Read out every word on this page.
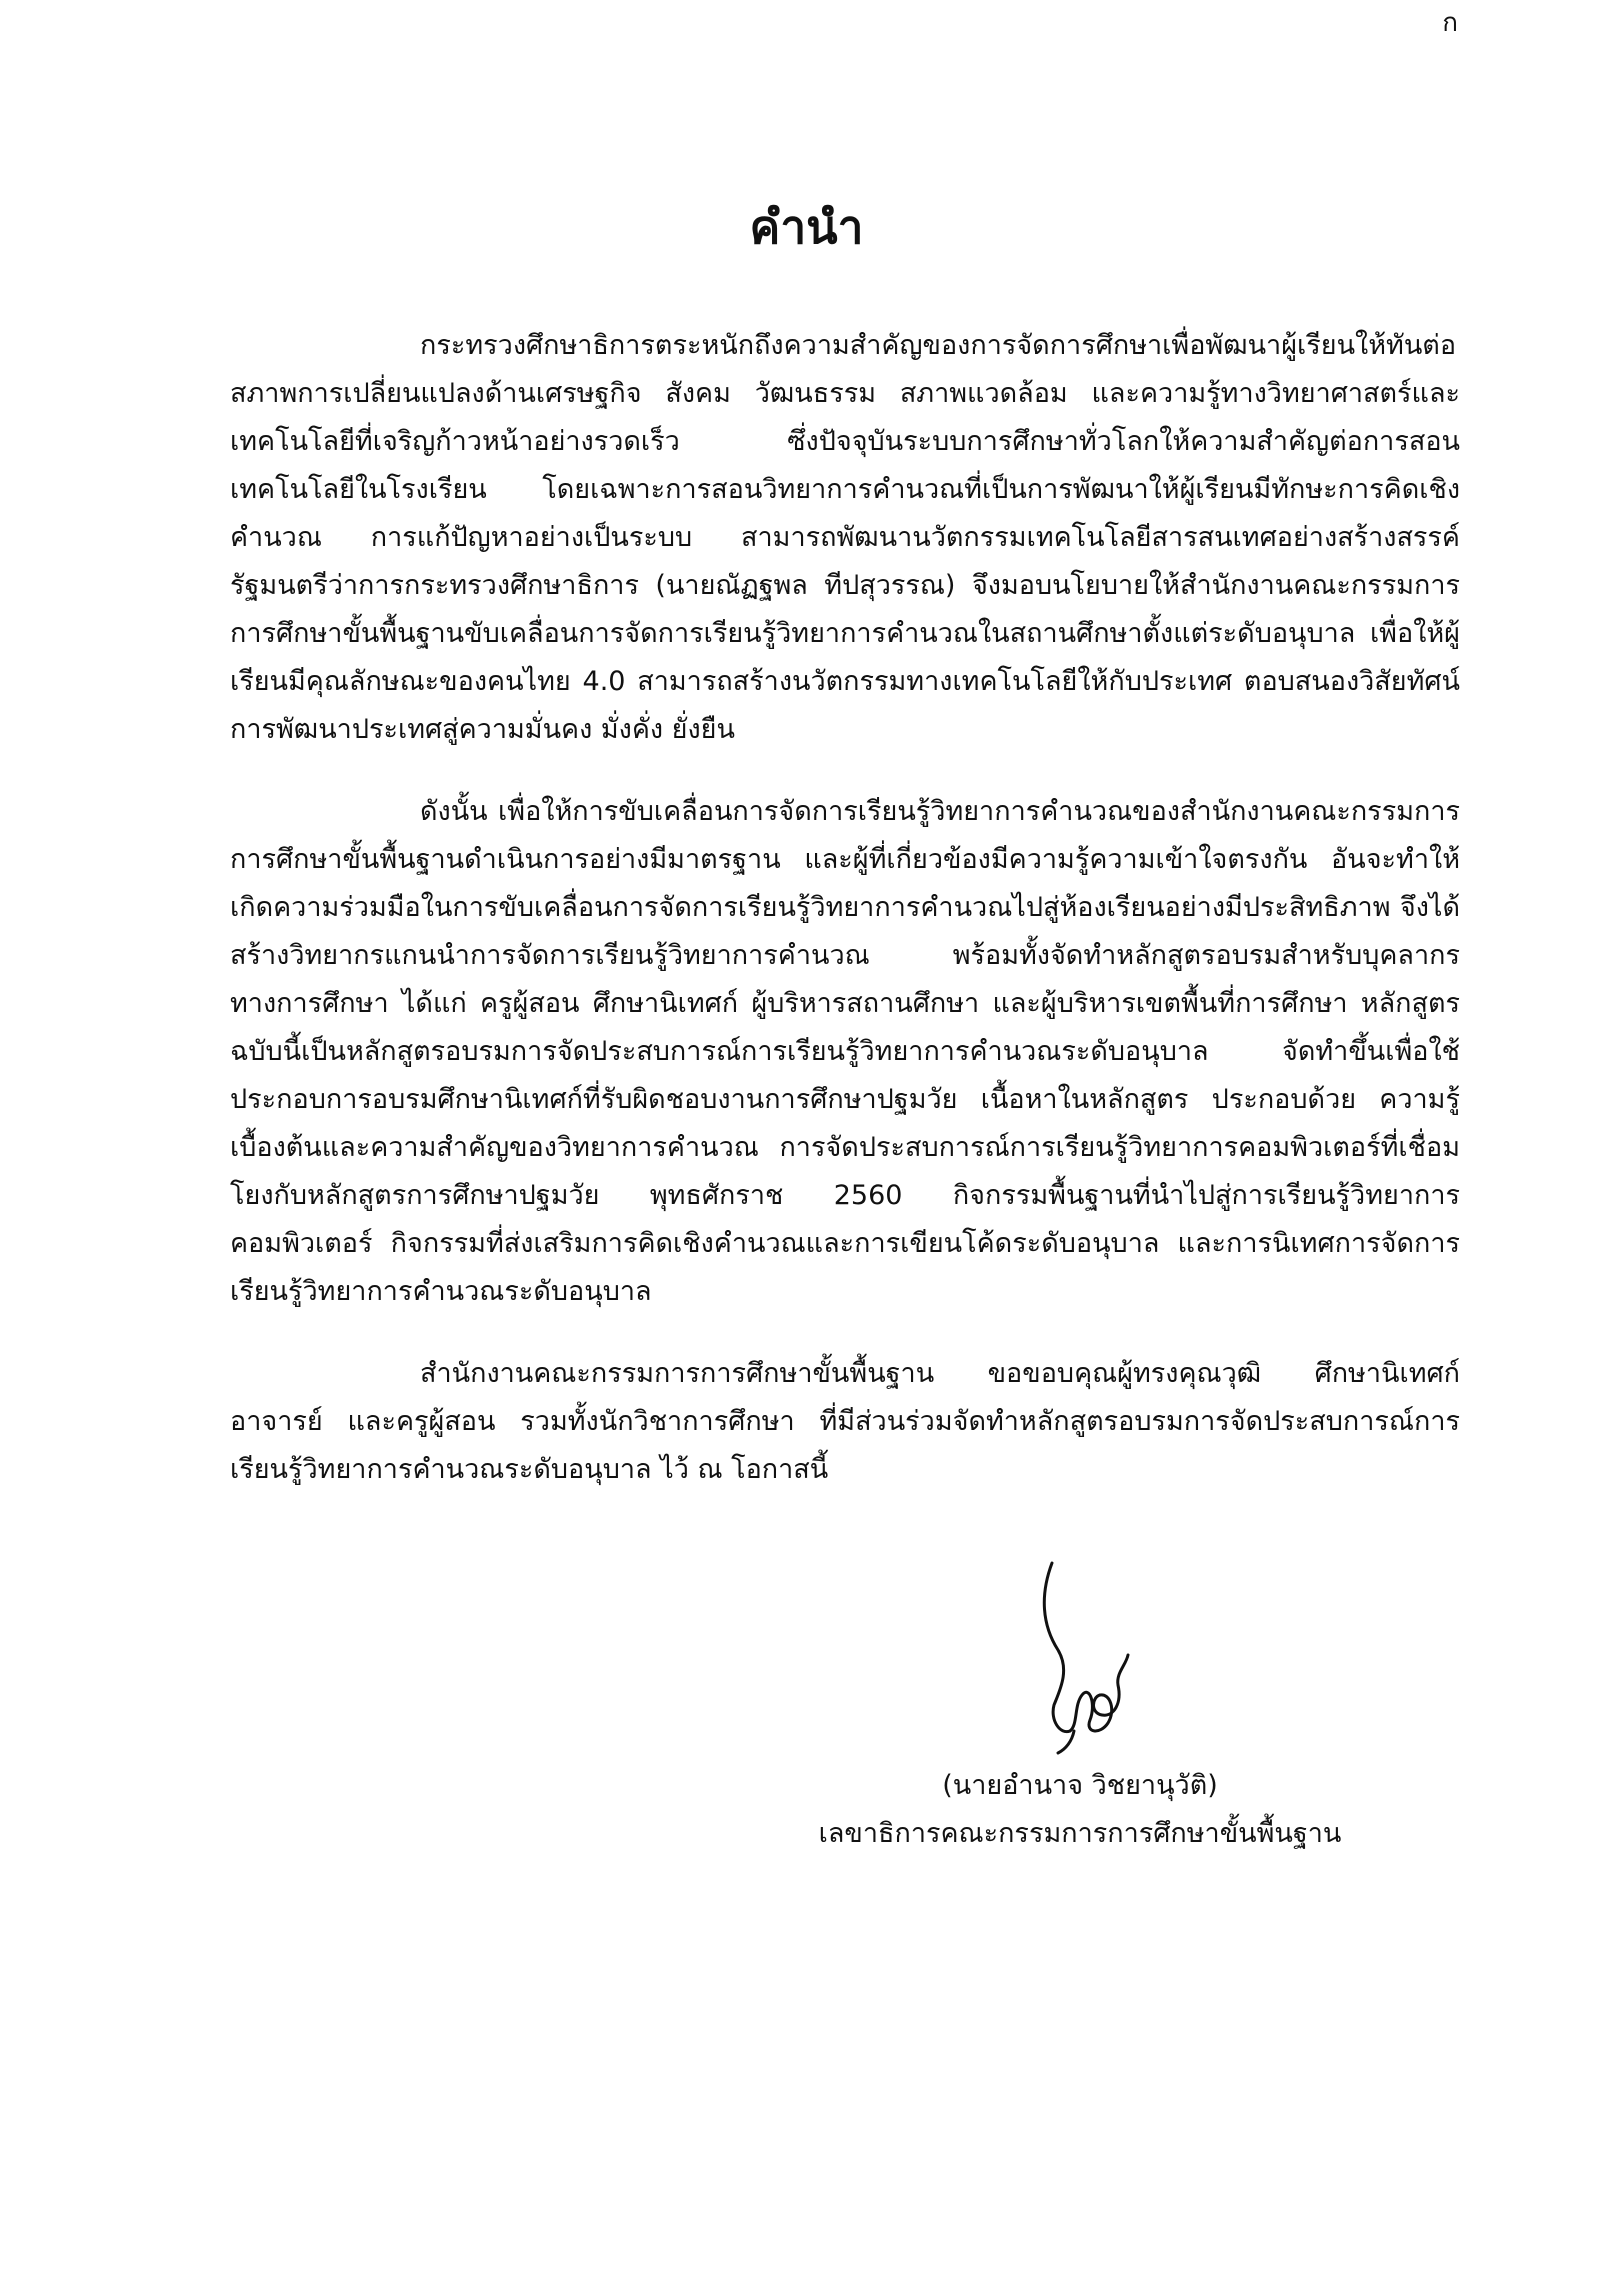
ก
คำนำ

กระทรวงศึกษาธิการตระหนักถึงความสำคัญของการจัดการศึกษาเพื่อพัฒนาผู้เรียนให้ทันต่อสภาพการเปลี่ยนแปลงด้านเศรษฐกิจ สังคม วัฒนธรรม สภาพแวดล้อม และความรู้ทางวิทยาศาสตร์และเทคโนโลยีที่เจริญก้าวหน้าอย่างรวดเร็ว ซึ่งปัจจุบันระบบการศึกษาทั่วโลกให้ความสำคัญต่อการสอนเทคโนโลยีในโรงเรียน โดยเฉพาะการสอนวิทยาการคำนวณที่เป็นการพัฒนาให้ผู้เรียนมีทักษะการคิดเชิงคำนวณ การแก้ปัญหาอย่างเป็นระบบ สามารถพัฒนานวัตกรรมเทคโนโลยีสารสนเทศอย่างสร้างสรรค์ รัฐมนตรีว่าการกระทรวงศึกษาธิการ (นายณัฏฐพล ทีปสุวรรณ) จึงมอบนโยบายให้สำนักงานคณะกรรมการการศึกษาขั้นพื้นฐานขับเคลื่อนการจัดการเรียนรู้วิทยาการคำนวณในสถานศึกษาตั้งแต่ระดับอนุบาล เพื่อให้ผู้เรียนมีคุณลักษณะของคนไทย 4.0 สามารถสร้างนวัตกรรมทางเทคโนโลยีให้กับประเทศ ตอบสนองวิสัยทัศน์การพัฒนาประเทศสู่ความมั่นคง มั่งคั่ง ยั่งยืน

ดังนั้น เพื่อให้การขับเคลื่อนการจัดการเรียนรู้วิทยาการคำนวณของสำนักงานคณะกรรมการการศึกษาขั้นพื้นฐานดำเนินการอย่างมีมาตรฐาน และผู้ที่เกี่ยวข้องมีความรู้ความเข้าใจตรงกัน อันจะทำให้เกิดความร่วมมือในการขับเคลื่อนการจัดการเรียนรู้วิทยาการคำนวณไปสู่ห้องเรียนอย่างมีประสิทธิภาพ จึงได้สร้างวิทยากรแกนนำการจัดการเรียนรู้วิทยาการคำนวณ พร้อมทั้งจัดทำหลักสูตรอบรมสำหรับบุคลากรทางการศึกษา ได้แก่ ครูผู้สอน ศึกษานิเทศก์ ผู้บริหารสถานศึกษา และผู้บริหารเขตพื้นที่การศึกษา หลักสูตรฉบับนี้เป็นหลักสูตรอบรมการจัดประสบการณ์การเรียนรู้วิทยาการคำนวณระดับอนุบาล จัดทำขึ้นเพื่อใช้ประกอบการอบรมศึกษานิเทศก์ที่รับผิดชอบงานการศึกษาปฐมวัย เนื้อหาในหลักสูตร ประกอบด้วย ความรู้เบื้องต้นและความสำคัญของวิทยาการคำนวณ การจัดประสบการณ์การเรียนรู้วิทยาการคอมพิวเตอร์ที่เชื่อมโยงกับหลักสูตรการศึกษาปฐมวัย พุทธศักราช 2560 กิจกรรมพื้นฐานที่นำไปสู่การเรียนรู้วิทยาการคอมพิวเตอร์ กิจกรรมที่ส่งเสริมการคิดเชิงคำนวณและการเขียนโค้ดระดับอนุบาล และการนิเทศการจัดการเรียนรู้วิทยาการคำนวณระดับอนุบาล

สำนักงานคณะกรรมการการศึกษาขั้นพื้นฐาน ขอขอบคุณผู้ทรงคุณวุฒิ ศึกษานิเทศก์ อาจารย์ และครูผู้สอน รวมทั้งนักวิชาการศึกษา ที่มีส่วนร่วมจัดทำหลักสูตรอบรมการจัดประสบการณ์การเรียนรู้วิทยาการคำนวณระดับอนุบาล ไว้ ณ โอกาสนี้

(นายอำนาจ วิชยานุวัติ)
เลขาธิการคณะกรรมการการศึกษาขั้นพื้นฐาน
